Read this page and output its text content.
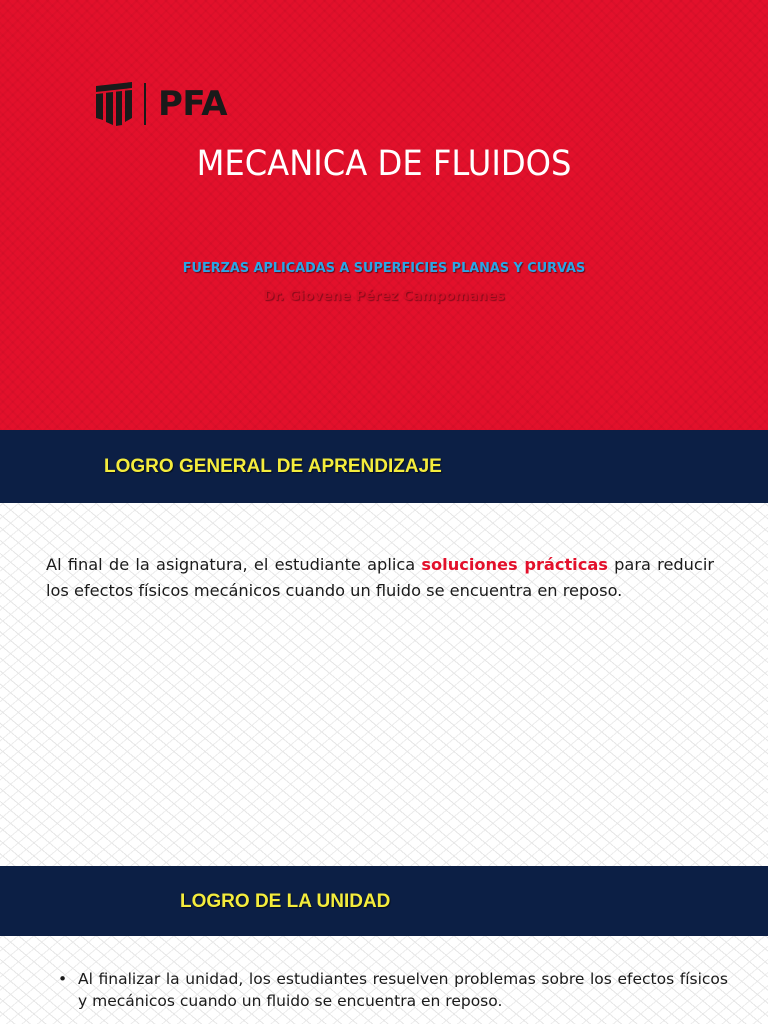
PFA
MECANICA DE FLUIDOS
FUERZAS APLICADAS A SUPERFICIES PLANAS Y CURVAS
Dr. Giovene Pérez Campomanes
LOGRO GENERAL DE APRENDIZAJE

Al final de la asignatura, el estudiante aplica soluciones prácticas para reducir los efectos físicos mecánicos cuando un fluido se encuentra en reposo.

LOGRO DE LA UNIDAD
• Al finalizar la unidad, los estudiantes resuelven problemas sobre los efectos físicos y mecánicos cuando un fluido se encuentra en reposo.
